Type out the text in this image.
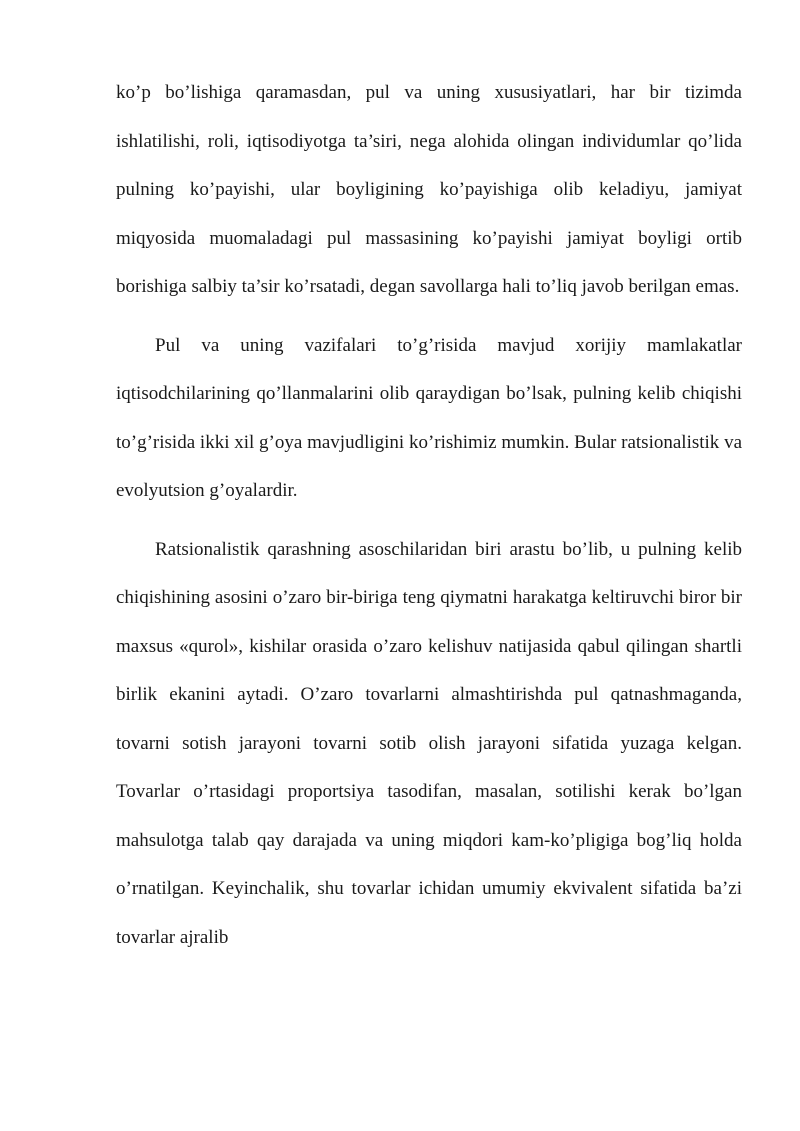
ko’p bo’lishiga qaramasdan, pul va uning xususiyatlari, har bir tizimda ishlatilishi, roli, iqtisodiyotga ta’siri, nega alohida olingan individumlar qo’lida pulning ko’payishi, ular boyligining ko’payishiga olib keladiyu, jamiyat miqyosida muomaladagi pul massasining ko’payishi jamiyat boyligi ortib borishiga salbiy ta’sir ko’rsatadi, degan savollarga hali to’liq javob berilgan emas.

Pul va uning vazifalari to’g’risida mavjud xorijiy mamlakatlar iqtisodchilarining qo’llanmalarini olib qaraydigan bo’lsak, pulning kelib chiqishi to’g’risida ikki xil g’oya mavjudligini ko’rishimiz mumkin. Bular ratsionalistik va evolyutsion g’oyalardir.

Ratsionalistik qarashning asoschilaridan biri arastu bo’lib, u pulning kelib chiqishining asosini o’zaro bir-biriga teng qiymatni harakatga keltiruvchi biror bir maxsus «qurol», kishilar orasida o’zaro kelishuv natijasida qabul qilingan shartli birlik ekanini aytadi. O’zaro tovarlarni almashtirishda pul qatnashmaganda, tovarni sotish jarayoni tovarni sotib olish jarayoni sifatida yuzaga kelgan. Tovarlar o’rtasidagi proportsiya tasodifan, masalan, sotilishi kerak bo’lgan mahsulotga talab qay darajada va uning miqdori kam-ko’pligiga bog’liq holda o’rnatilgan. Keyinchalik, shu tovarlar ichidan umumiy ekvivalent sifatida ba’zi tovarlar ajralib
